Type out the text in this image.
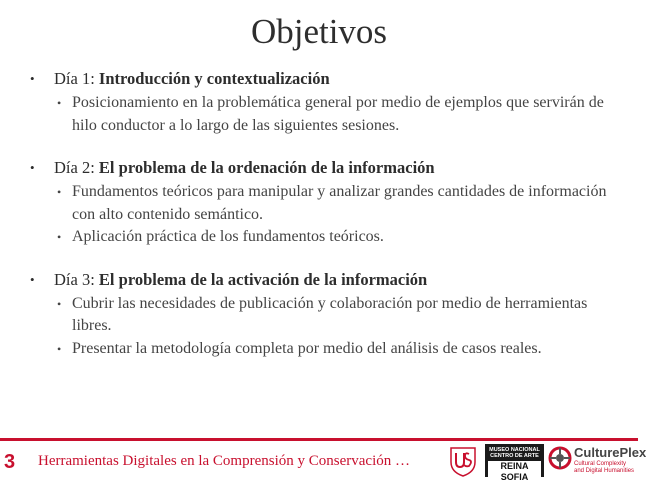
Objetivos
• Día 1: Introducción y contextualización
• Posicionamiento en la problemática general por medio de ejemplos que servirán de hilo conductor a lo largo de las siguientes sesiones.
• Día 2: El problema de la ordenación de la información
• Fundamentos teóricos para manipular y analizar grandes cantidades de información con alto contenido semántico.
• Aplicación práctica de los fundamentos teóricos.
• Día 3: El problema de la activación de la información
• Cubrir las necesidades de publicación y colaboración por medio de herramientas libres.
• Presentar la metodología completa por medio del análisis de casos reales.
3 Herramientas Digitales en la Comprensión y Conservación …
MUSEO NACIONAL CENTRO DE ARTE
REINA SOFIA
CulturePlex
Cultural Complexity and Digital Humanities
